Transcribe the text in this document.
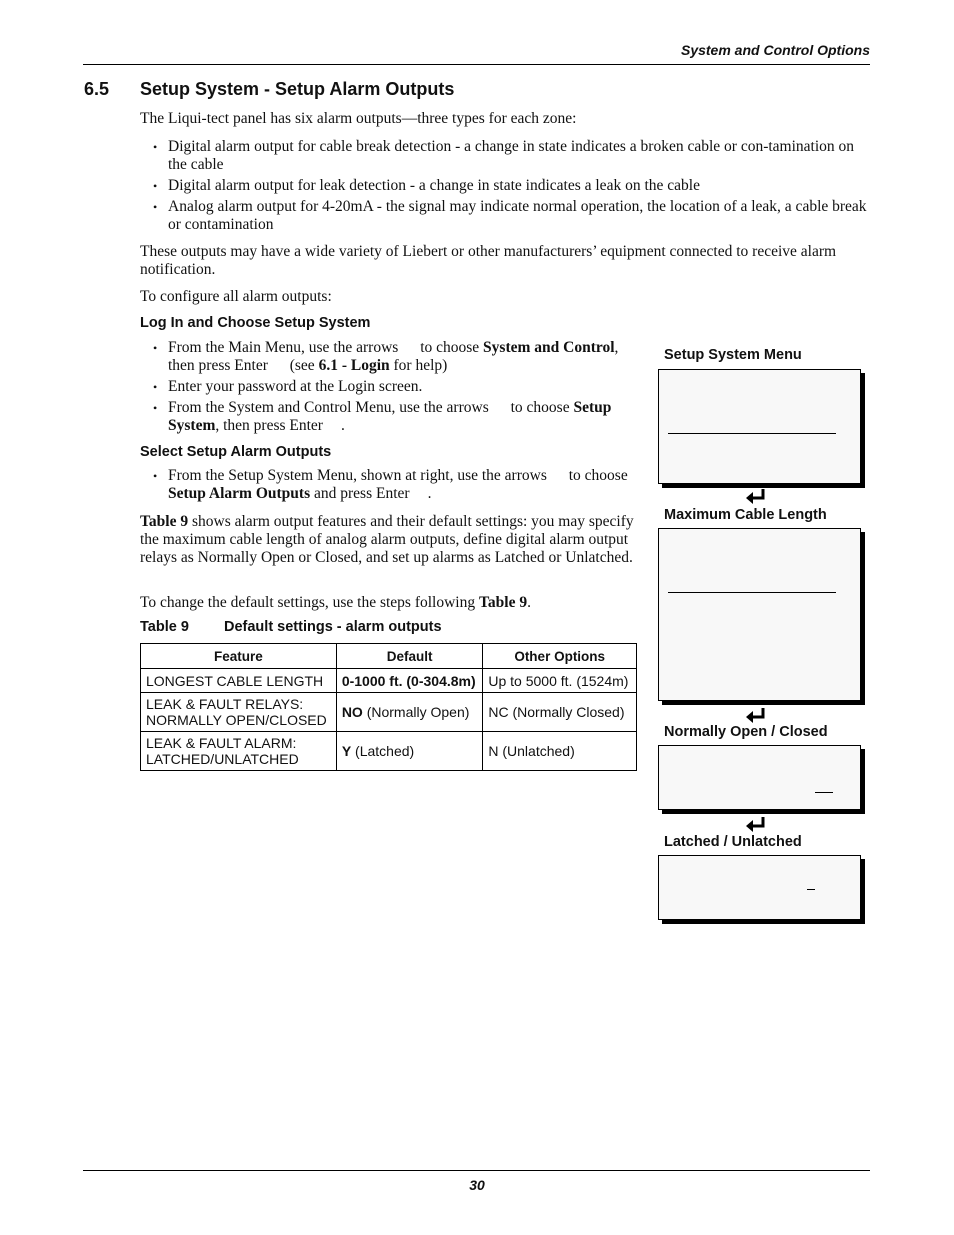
System and Control Options
6.5 Setup System - Setup Alarm Outputs

The Liqui-tect panel has six alarm outputs—three types for each zone:

• Digital alarm output for cable break detection - a change in state indicates a broken cable or con-tamination on the cable
• Digital alarm output for leak detection - a change in state indicates a leak on the cable
• Analog alarm output for 4-20mA - the signal may indicate normal operation, the location of a leak, a cable break or contamination

These outputs may have a wide variety of Liebert or other manufacturers’ equipment connected to receive alarm notification.

To configure all alarm outputs:

Log In and Choose Setup System
• From the Main Menu, use the arrows to choose System and Control, then press Enter (see 6.1 - Login for help)
• Enter your password at the Login screen.
• From the System and Control Menu, use the arrows to choose Setup System, then press Enter .
Select Setup Alarm Outputs
• From the Setup System Menu, shown at right, use the arrows to choose Setup Alarm Outputs and press Enter .

Table 9 shows alarm output features and their default settings: you may specify the maximum cable length of analog alarm outputs, define digital alarm output relays as Normally Open or Closed, and set up alarms as Latched or Unlatched.

To change the default settings, use the steps following Table 9.

Table 9 Default settings - alarm outputs
Feature	Default	Other Options
LONGEST CABLE LENGTH	0-1000 ft. (0-304.8m)	Up to 5000 ft. (1524m)
LEAK & FAULT RELAYS:
NORMALLY OPEN/CLOSED	NO (Normally Open)	NC (Normally Closed)
LEAK & FAULT ALARM:
LATCHED/UNLATCHED	Y (Latched)	N (Unlatched)
Setup System Menu
Maximum Cable Length
Normally Open / Closed
Latched / Unlatched
30
